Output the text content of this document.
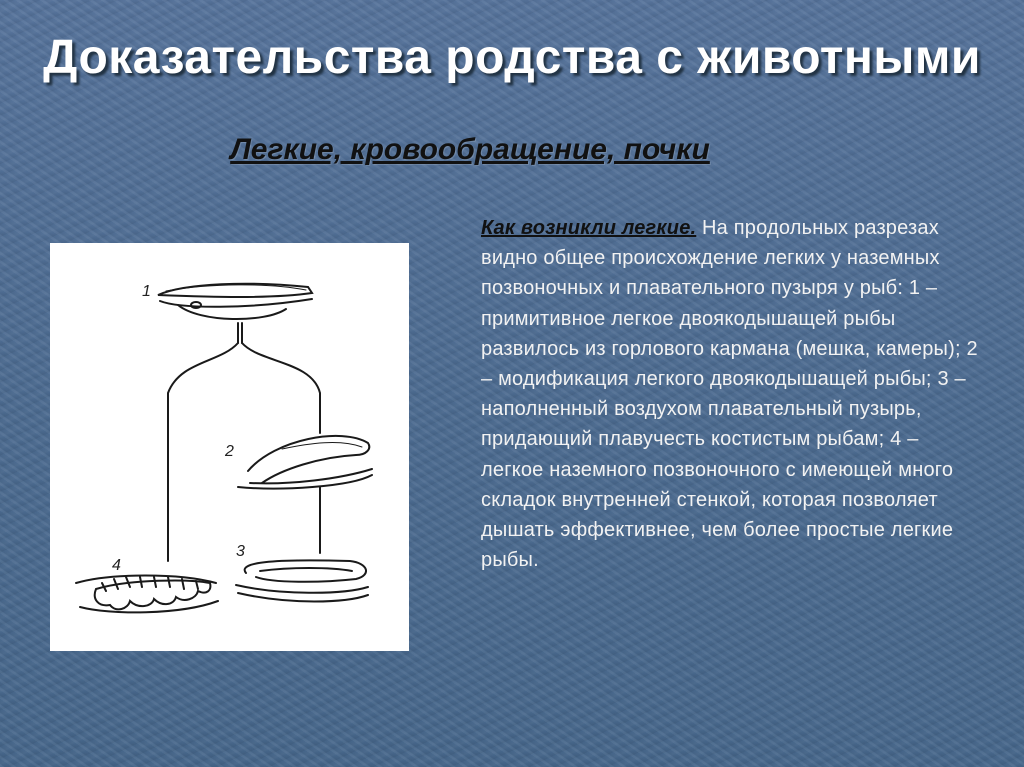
Доказательства родства с животными
Легкие, кровообращение, почки
1
2
3
4
Как возникли легкие. На продольных разрезах видно общее происхождение легких у наземных позвоночных и плавательного пузыря у рыб: 1 – примитивное легкое двоякодышащей рыбы развилось из горлового кармана (мешка, камеры); 2 – модификация легкого двоякодышащей рыбы; 3 – наполненный воздухом плавательный пузырь, придающий плавучесть костистым рыбам; 4 – легкое наземного позвоночного с имеющей много складок внутренней стенкой, которая позволяет дышать эффективнее, чем более простые легкие рыбы.
